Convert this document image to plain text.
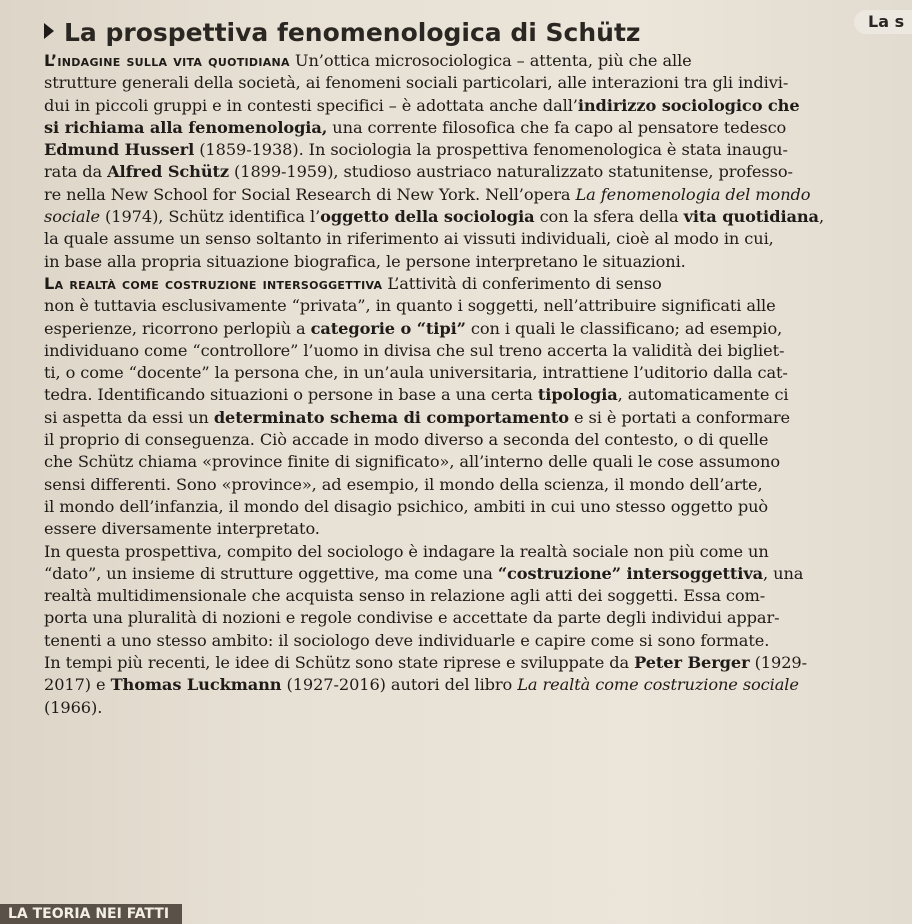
La s
La prospettiva fenomenologica di Schütz
L’indagine sulla vita quotidiana Un’ottica microsociologica – attenta, più che alle
strutture generali della società, ai fenomeni sociali particolari, alle interazioni tra gli indivi-
dui in piccoli gruppi e in contesti specifici – è adottata anche dall’indirizzo sociologico che
si richiama alla fenomenologia, una corrente filosofica che fa capo al pensatore tedesco
Edmund Husserl (1859-1938). In sociologia la prospettiva fenomenologica è stata inaugu-
rata da Alfred Schütz (1899-1959), studioso austriaco naturalizzato statunitense, professo-
re nella New School for Social Research di New York. Nell’opera La fenomenologia del mondo
sociale (1974), Schütz identifica l’oggetto della sociologia con la sfera della vita quotidiana,
la quale assume un senso soltanto in riferimento ai vissuti individuali, cioè al modo in cui,
in base alla propria situazione biografica, le persone interpretano le situazioni.
La realtà come costruzione intersoggettiva L’attività di conferimento di senso
non è tuttavia esclusivamente “privata”, in quanto i soggetti, nell’attribuire significati alle
esperienze, ricorrono perlopiù a categorie o “tipi” con i quali le classificano; ad esempio,
individuano come “controllore” l’uomo in divisa che sul treno accerta la validità dei bigliet-
ti, o come “docente” la persona che, in un’aula universitaria, intrattiene l’uditorio dalla cat-
tedra. Identificando situazioni o persone in base a una certa tipologia, automaticamente ci
si aspetta da essi un determinato schema di comportamento e si è portati a conformare
il proprio di conseguenza. Ciò accade in modo diverso a seconda del contesto, o di quelle
che Schütz chiama «province finite di significato», all’interno delle quali le cose assumono
sensi differenti. Sono «province», ad esempio, il mondo della scienza, il mondo dell’arte,
il mondo dell’infanzia, il mondo del disagio psichico, ambiti in cui uno stesso oggetto può
essere diversamente interpretato.
In questa prospettiva, compito del sociologo è indagare la realtà sociale non più come un
“dato”, un insieme di strutture oggettive, ma come una “costruzione” intersoggettiva, una
realtà multidimensionale che acquista senso in relazione agli atti dei soggetti. Essa com-
porta una pluralità di nozioni e regole condivise e accettate da parte degli individui appar-
tenenti a uno stesso ambito: il sociologo deve individuarle e capire come si sono formate.
In tempi più recenti, le idee di Schütz sono state riprese e sviluppate da Peter Berger (1929-
2017) e Thomas Luckmann (1927-2016) autori del libro La realtà come costruzione sociale
(1966).
LA TEORIA NEI FATTI
